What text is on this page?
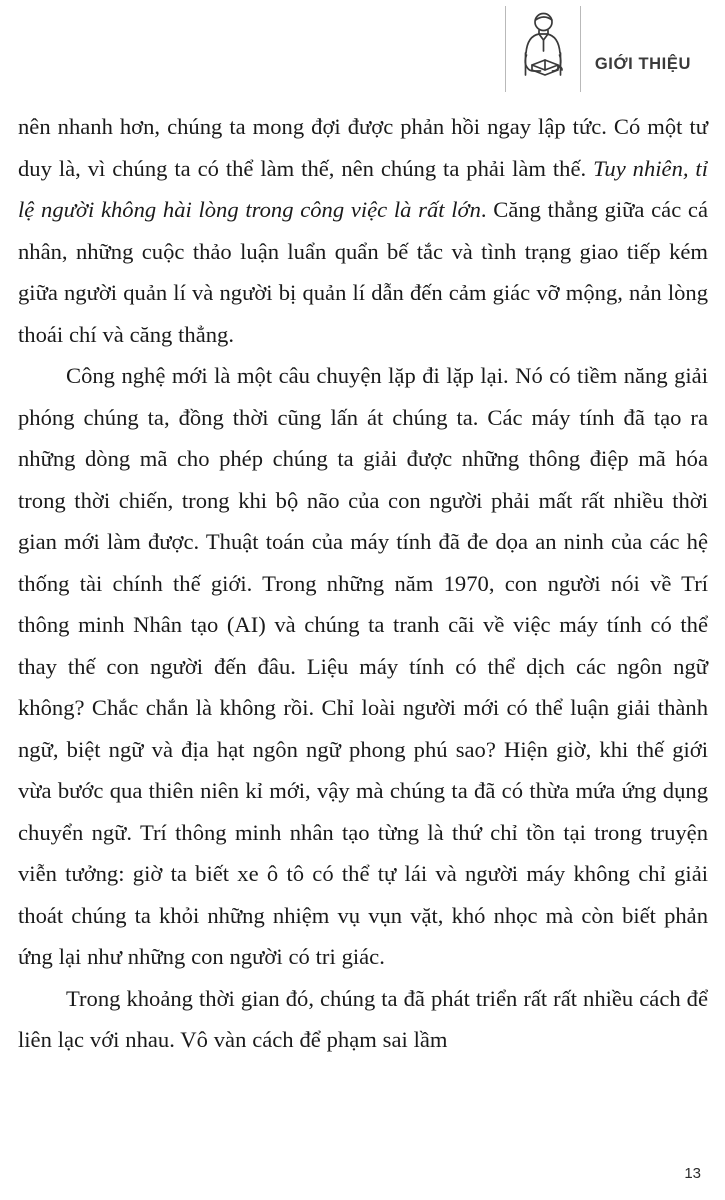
GIỚI THIỆU

nên nhanh hơn, chúng ta mong đợi được phản hồi ngay lập tức. Có một tư duy là, vì chúng ta có thể làm thế, nên chúng ta phải làm thế. Tuy nhiên, tỉ lệ người không hài lòng trong công việc là rất lớn. Căng thẳng giữa các cá nhân, những cuộc thảo luận luẩn quẩn bế tắc và tình trạng giao tiếp kém giữa người quản lí và người bị quản lí dẫn đến cảm giác vỡ mộng, nản lòng thoái chí và căng thẳng.

Công nghệ mới là một câu chuyện lặp đi lặp lại. Nó có tiềm năng giải phóng chúng ta, đồng thời cũng lấn át chúng ta. Các máy tính đã tạo ra những dòng mã cho phép chúng ta giải được những thông điệp mã hóa trong thời chiến, trong khi bộ não của con người phải mất rất nhiều thời gian mới làm được. Thuật toán của máy tính đã đe dọa an ninh của các hệ thống tài chính thế giới. Trong những năm 1970, con người nói về Trí thông minh Nhân tạo (AI) và chúng ta tranh cãi về việc máy tính có thể thay thế con người đến đâu. Liệu máy tính có thể dịch các ngôn ngữ không? Chắc chắn là không rồi. Chỉ loài người mới có thể luận giải thành ngữ, biệt ngữ và địa hạt ngôn ngữ phong phú sao? Hiện giờ, khi thế giới vừa bước qua thiên niên kỉ mới, vậy mà chúng ta đã có thừa mứa ứng dụng chuyển ngữ. Trí thông minh nhân tạo từng là thứ chỉ tồn tại trong truyện viễn tưởng: giờ ta biết xe ô tô có thể tự lái và người máy không chỉ giải thoát chúng ta khỏi những nhiệm vụ vụn vặt, khó nhọc mà còn biết phản ứng lại như những con người có tri giác.

Trong khoảng thời gian đó, chúng ta đã phát triển rất rất nhiều cách để liên lạc với nhau. Vô vàn cách để phạm sai lầm

13
